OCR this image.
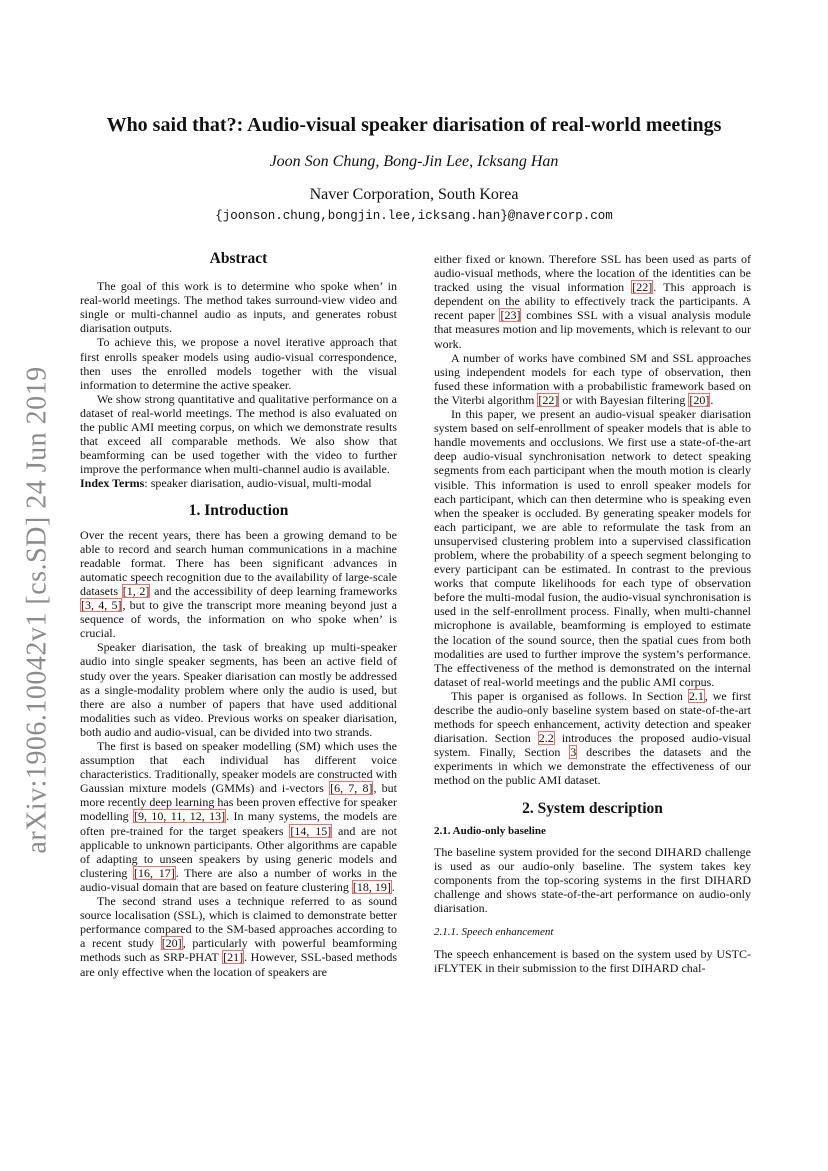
arXiv:1906.10042v1 [cs.SD] 24 Jun 2019
Who said that?: Audio-visual speaker diarisation of real-world meetings
Joon Son Chung, Bong-Jin Lee, Icksang Han
Naver Corporation, South Korea
{joonson.chung,bongjin.lee,icksang.han}@navercorp.com
Abstract

The goal of this work is to determine who spoke when’ in real-world meetings. The method takes surround-view video and single or multi-channel audio as inputs, and generates robust diarisation outputs.

To achieve this, we propose a novel iterative approach that first enrolls speaker models using audio-visual correspondence, then uses the enrolled models together with the visual information to determine the active speaker.

We show strong quantitative and qualitative performance on a dataset of real-world meetings. The method is also evaluated on the public AMI meeting corpus, on which we demonstrate results that exceed all comparable methods. We also show that beamforming can be used together with the video to further improve the performance when multi-channel audio is available.

Index Terms: speaker diarisation, audio-visual, multi-modal

1. Introduction

Over the recent years, there has been a growing demand to be able to record and search human communications in a machine readable format. There has been significant advances in automatic speech recognition due to the availability of large-scale datasets [1, 2] and the accessibility of deep learning frameworks [3, 4, 5], but to give the transcript more meaning beyond just a sequence of words, the information on who spoke when’ is crucial.

Speaker diarisation, the task of breaking up multi-speaker audio into single speaker segments, has been an active field of study over the years. Speaker diarisation can mostly be addressed as a single-modality problem where only the audio is used, but there are also a number of papers that have used additional modalities such as video. Previous works on speaker diarisation, both audio and audio-visual, can be divided into two strands.

The first is based on speaker modelling (SM) which uses the assumption that each individual has different voice characteristics. Traditionally, speaker models are constructed with Gaussian mixture models (GMMs) and i-vectors [6, 7, 8], but more recently deep learning has been proven effective for speaker modelling [9, 10, 11, 12, 13]. In many systems, the models are often pre-trained for the target speakers [14, 15] and are not applicable to unknown participants. Other algorithms are capable of adapting to unseen speakers by using generic models and clustering [16, 17]. There are also a number of works in the audio-visual domain that are based on feature clustering [18, 19].

The second strand uses a technique referred to as sound source localisation (SSL), which is claimed to demonstrate better performance compared to the SM-based approaches according to a recent study [20], particularly with powerful beamforming methods such as SRP-PHAT [21]. However, SSL-based methods are only effective when the location of speakers are

either fixed or known. Therefore SSL has been used as parts of audio-visual methods, where the location of the identities can be tracked using the visual information [22]. This approach is dependent on the ability to effectively track the participants. A recent paper [23] combines SSL with a visual analysis module that measures motion and lip movements, which is relevant to our work.

A number of works have combined SM and SSL approaches using independent models for each type of observation, then fused these information with a probabilistic framework based on the Viterbi algorithm [22] or with Bayesian filtering [20].

In this paper, we present an audio-visual speaker diarisation system based on self-enrollment of speaker models that is able to handle movements and occlusions. We first use a state-of-the-art deep audio-visual synchronisation network to detect speaking segments from each participant when the mouth motion is clearly visible. This information is used to enroll speaker models for each participant, which can then determine who is speaking even when the speaker is occluded. By generating speaker models for each participant, we are able to reformulate the task from an unsupervised clustering problem into a supervised classification problem, where the probability of a speech segment belonging to every participant can be estimated. In contrast to the previous works that compute likelihoods for each type of observation before the multi-modal fusion, the audio-visual synchronisation is used in the self-enrollment process. Finally, when multi-channel microphone is available, beamforming is employed to estimate the location of the sound source, then the spatial cues from both modalities are used to further improve the system’s performance. The effectiveness of the method is demonstrated on the internal dataset of real-world meetings and the public AMI corpus.

This paper is organised as follows. In Section 2.1, we first describe the audio-only baseline system based on state-of-the-art methods for speech enhancement, activity detection and speaker diarisation. Section 2.2 introduces the proposed audio-visual system. Finally, Section 3 describes the datasets and the experiments in which we demonstrate the effectiveness of our method on the public AMI dataset.

2. System description
2.1. Audio-only baseline

The baseline system provided for the second DIHARD challenge is used as our audio-only baseline. The system takes key components from the top-scoring systems in the first DIHARD challenge and shows state-of-the-art performance on audio-only diarisation.

2.1.1. Speech enhancement

The speech enhancement is based on the system used by USTC-iFLYTEK in their submission to the first DIHARD chal-
